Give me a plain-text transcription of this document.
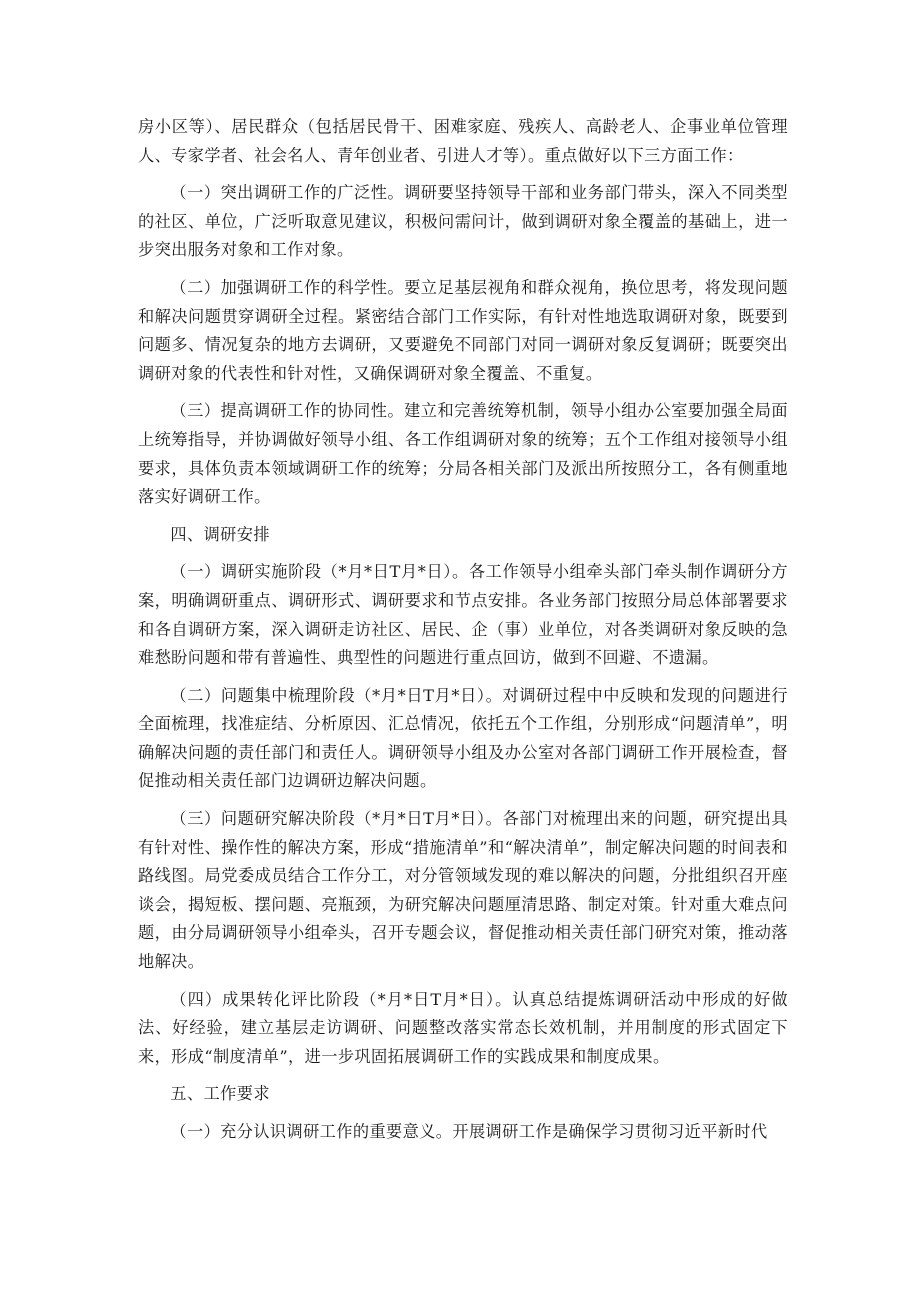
房小区等）、居民群众（包括居民骨干、困难家庭、残疾人、高龄老人、企事业单位管理人、专家学者、社会名人、青年创业者、引进人才等）。重点做好以下三方面工作：

（一）突出调研工作的广泛性。调研要坚持领导干部和业务部门带头，深入不同类型的社区、单位，广泛听取意见建议，积极问需问计，做到调研对象全覆盖的基础上，进一步突出服务对象和工作对象。

（二）加强调研工作的科学性。要立足基层视角和群众视角，换位思考，将发现问题和解决问题贯穿调研全过程。紧密结合部门工作实际，有针对性地选取调研对象，既要到问题多、情况复杂的地方去调研，又要避免不同部门对同一调研对象反复调研；既要突出调研对象的代表性和针对性，又确保调研对象全覆盖、不重复。

（三）提高调研工作的协同性。建立和完善统筹机制，领导小组办公室要加强全局面上统筹指导，并协调做好领导小组、各工作组调研对象的统筹；五个工作组对接领导小组要求，具体负责本领域调研工作的统筹；分局各相关部门及派出所按照分工，各有侧重地落实好调研工作。

四、调研安排

（一）调研实施阶段（*月*日T月*日）。各工作领导小组牵头部门牵头制作调研分方案，明确调研重点、调研形式、调研要求和节点安排。各业务部门按照分局总体部署要求和各自调研方案，深入调研走访社区、居民、企（事）业单位，对各类调研对象反映的急难愁盼问题和带有普遍性、典型性的问题进行重点回访，做到不回避、不遗漏。

（二）问题集中梳理阶段（*月*日T月*日）。对调研过程中中反映和发现的问题进行全面梳理，找准症结、分析原因、汇总情况，依托五个工作组，分别形成“问题清单”，明确解决问题的责任部门和责任人。调研领导小组及办公室对各部门调研工作开展检查，督促推动相关责任部门边调研边解决问题。

（三）问题研究解决阶段（*月*日T月*日）。各部门对梳理出来的问题，研究提出具有针对性、操作性的解决方案，形成“措施清单”和“解决清单”，制定解决问题的时间表和路线图。局党委成员结合工作分工，对分管领域发现的难以解决的问题，分批组织召开座谈会，揭短板、摆问题、亮瓶颈，为研究解决问题厘清思路、制定对策。针对重大难点问题，由分局调研领导小组牵头，召开专题会议，督促推动相关责任部门研究对策，推动落地解决。

（四）成果转化评比阶段（*月*日T月*日）。认真总结提炼调研活动中形成的好做法、好经验，建立基层走访调研、问题整改落实常态长效机制，并用制度的形式固定下来，形成“制度清单”，进一步巩固拓展调研工作的实践成果和制度成果。

五、工作要求

（一）充分认识调研工作的重要意义。开展调研工作是确保学习贯彻习近平新时代
